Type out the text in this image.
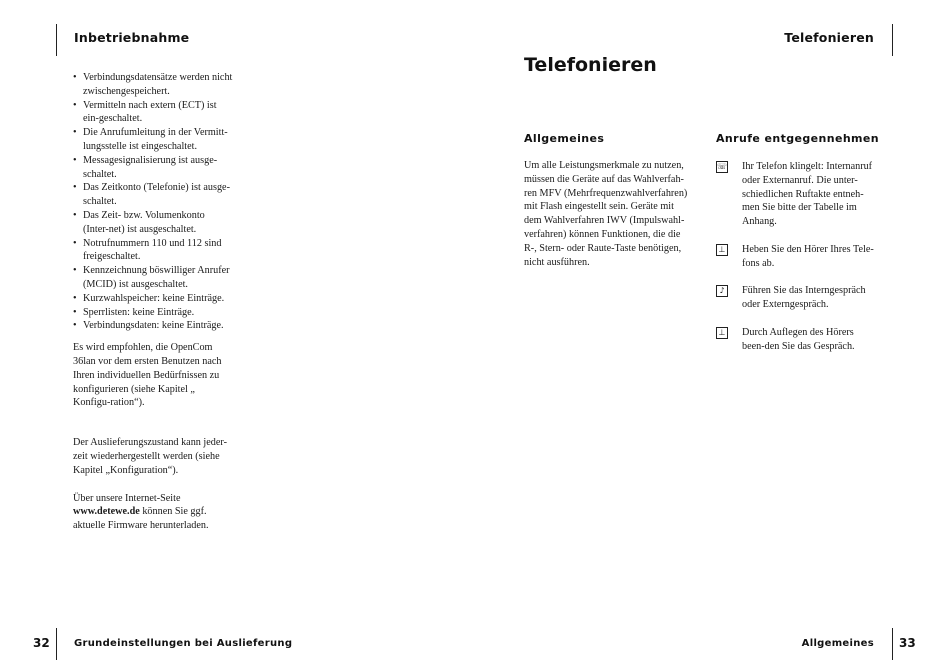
Inbetriebnahme	Telefonieren

• Verbindungsdatensätze werden nicht zwischengespeichert.
• Vermitteln nach extern (ECT) ist ein-geschaltet.
• Die Anrufumleitung in der Vermitt-lungsstelle ist eingeschaltet.
• Messagesignalisierung ist ausge-schaltet.
• Das Zeitkonto (Telefonie) ist ausge-schaltet.
• Das Zeit- bzw. Volumenkonto (Inter-net) ist ausgeschaltet.
• Notrufnummern 110 und 112 sind freigeschaltet.
• Kennzeichnung böswilliger Anrufer (MCID) ist ausgeschaltet.
• Kurzwahlspeicher: keine Einträge.
• Sperrlisten: keine Einträge.
• Verbindungsdaten: keine Einträge.

Es wird empfohlen, die OpenCom 36lan vor dem ersten Benutzen nach Ihren individuellen Bedürfnissen zu konfigurieren (siehe Kapitel „ Konfigu-ration“).

Der Auslieferungszustand kann jeder-zeit wiederhergestellt werden (siehe Kapitel „Konfiguration“).

Über unsere Internet-Seite
www.detewe.de können Sie ggf. aktuelle Firmware herunterladen.

Telefonieren
Allgemeines

Um alle Leistungsmerkmale zu nutzen, müssen die Geräte auf das Wahlverfah-ren MFV (Mehrfrequenzwahlverfahren) mit Flash eingestellt sein. Geräte mit dem Wahlverfahren IWV (Impulswahl-verfahren) können Funktionen, die die R-, Stern- oder Raute-Taste benötigen, nicht ausführen.

Anrufe entgegennehmen
☏ Ihr Telefon klingelt: Internanruf oder Externanruf. Die unter-schiedlichen Ruftakte entneh-men Sie bitte der Tabelle im Anhang.

⊥ Heben Sie den Hörer Ihres Tele-fons ab.

♪	Führen Sie das Interngespräch oder Externgespräch.

⊥ Durch Auflegen des Hörers been-den Sie das Gespräch.

32 Grundeinstellungen bei Auslieferung	Allgemeines 33
